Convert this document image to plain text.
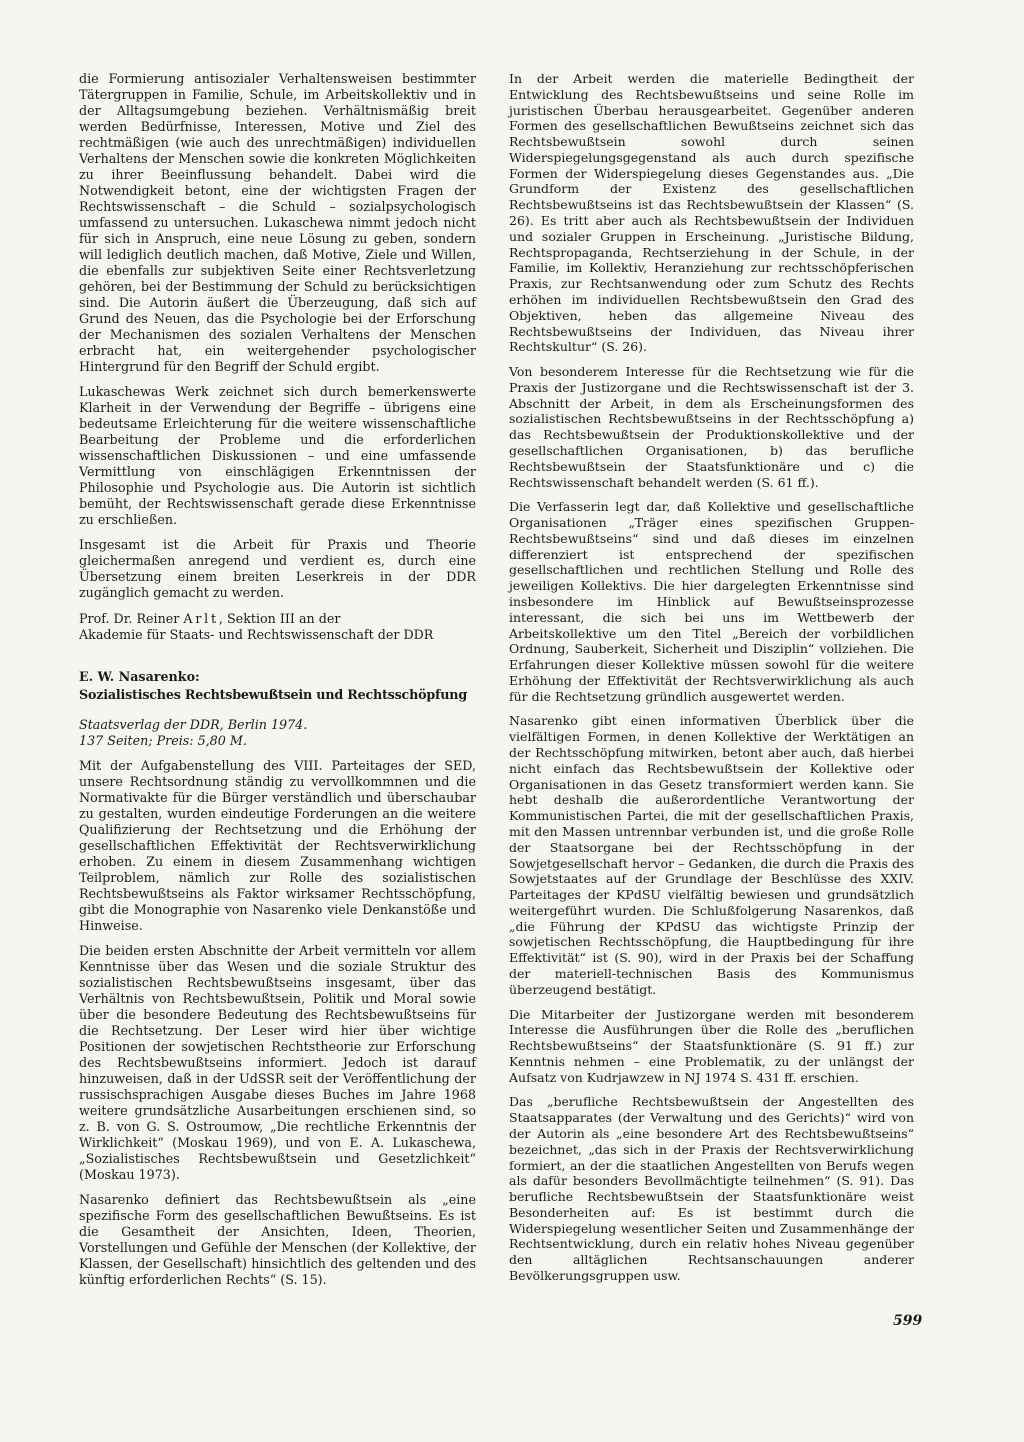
die Formierung antisozialer Verhaltensweisen bestimmter Tätergruppen in Familie, Schule, im Arbeitskollektiv und in der Alltagsumgebung beziehen. Verhältnismäßig breit werden Bedürfnisse, Interessen, Motive und Ziel des rechtmäßigen (wie auch des unrechtmäßigen) individuellen Verhaltens der Menschen sowie die konkreten Möglichkeiten zu ihrer Beeinflussung behandelt. Dabei wird die Notwendigkeit betont, eine der wichtigsten Fragen der Rechtswissenschaft – die Schuld – sozialpsychologisch umfassend zu untersuchen. Lukaschewa nimmt jedoch nicht für sich in Anspruch, eine neue Lösung zu geben, sondern will lediglich deutlich machen, daß Motive, Ziele und Willen, die ebenfalls zur subjektiven Seite einer Rechtsverletzung gehören, bei der Bestimmung der Schuld zu berücksichtigen sind. Die Autorin äußert die Überzeugung, daß sich auf Grund des Neuen, das die Psychologie bei der Erforschung der Mechanismen des sozialen Verhaltens der Menschen erbracht hat, ein weitergehender psychologischer Hintergrund für den Begriff der Schuld ergibt.

Lukaschewas Werk zeichnet sich durch bemerkenswerte Klarheit in der Verwendung der Begriffe – übrigens eine bedeutsame Erleichterung für die weitere wissenschaftliche Bearbeitung der Probleme und die erforderlichen wissenschaftlichen Diskussionen – und eine umfassende Vermittlung von einschlägigen Erkenntnissen der Philosophie und Psychologie aus. Die Autorin ist sichtlich bemüht, der Rechtswissenschaft gerade diese Erkenntnisse zu erschließen.

Insgesamt ist die Arbeit für Praxis und Theorie gleichermaßen anregend und verdient es, durch eine Übersetzung einem breiten Leserkreis in der DDR zugänglich gemacht zu werden.

Prof. Dr. Reiner Arlt, Sektion III an der
Akademie für Staats- und Rechtswissenschaft der DDR

E. W. Nasarenko:
Sozialistisches Rechtsbewußtsein und Rechtsschöpfung

Staatsverlag der DDR, Berlin 1974.
137 Seiten; Preis: 5,80 M.

Mit der Aufgabenstellung des VIII. Parteitages der SED, unsere Rechtsordnung ständig zu vervollkommnen und die Normativakte für die Bürger verständlich und überschaubar zu gestalten, wurden eindeutige Forderungen an die weitere Qualifizierung der Rechtsetzung und die Erhöhung der gesellschaftlichen Effektivität der Rechtsverwirklichung erhoben. Zu einem in diesem Zusammenhang wichtigen Teilproblem, nämlich zur Rolle des sozialistischen Rechtsbewußtseins als Faktor wirksamer Rechtsschöpfung, gibt die Monographie von Nasarenko viele Denkanstöße und Hinweise.

Die beiden ersten Abschnitte der Arbeit vermitteln vor allem Kenntnisse über das Wesen und die soziale Struktur des sozialistischen Rechtsbewußtseins insgesamt, über das Verhältnis von Rechtsbewußtsein, Politik und Moral sowie über die besondere Bedeutung des Rechtsbewußtseins für die Rechtsetzung. Der Leser wird hier über wichtige Positionen der sowjetischen Rechtstheorie zur Erforschung des Rechtsbewußtseins informiert. Jedoch ist darauf hinzuweisen, daß in der UdSSR seit der Veröffentlichung der russischsprachigen Ausgabe dieses Buches im Jahre 1968 weitere grundsätzliche Ausarbeitungen erschienen sind, so z. B. von G. S. Ostroumow, „Die rechtliche Erkenntnis der Wirklichkeit“ (Moskau 1969), und von E. A. Lukaschewa, „Sozialistisches Rechtsbewußtsein und Gesetzlichkeit“ (Moskau 1973).

Nasarenko definiert das Rechtsbewußtsein als „eine spezifische Form des gesellschaftlichen Bewußtseins. Es ist die Gesamtheit der Ansichten, Ideen, Theorien, Vorstellungen und Gefühle der Menschen (der Kollektive, der Klassen, der Gesellschaft) hinsichtlich des geltenden und des künftig erforderlichen Rechts“ (S. 15).

In der Arbeit werden die materielle Bedingtheit der Entwicklung des Rechtsbewußtseins und seine Rolle im juristischen Überbau herausgearbeitet. Gegenüber anderen Formen des gesellschaftlichen Bewußtseins zeichnet sich das Rechtsbewußtsein sowohl durch seinen Widerspiegelungsgegenstand als auch durch spezifische Formen der Widerspiegelung dieses Gegenstandes aus. „Die Grundform der Existenz des gesellschaftlichen Rechtsbewußtseins ist das Rechtsbewußtsein der Klassen“ (S. 26). Es tritt aber auch als Rechtsbewußtsein der Individuen und sozialer Gruppen in Erscheinung. „Juristische Bildung, Rechtspropaganda, Rechtserziehung in der Schule, in der Familie, im Kollektiv, Heranziehung zur rechtsschöpferischen Praxis, zur Rechtsanwendung oder zum Schutz des Rechts erhöhen im individuellen Rechtsbewußtsein den Grad des Objektiven, heben das allgemeine Niveau des Rechtsbewußtseins der Individuen, das Niveau ihrer Rechtskultur“ (S. 26).

Von besonderem Interesse für die Rechtsetzung wie für die Praxis der Justizorgane und die Rechtswissenschaft ist der 3. Abschnitt der Arbeit, in dem als Erscheinungsformen des sozialistischen Rechtsbewußtseins in der Rechtsschöpfung a) das Rechtsbewußtsein der Produktionskollektive und der gesellschaftlichen Organisationen, b) das berufliche Rechtsbewußtsein der Staatsfunktionäre und c) die Rechtswissenschaft behandelt werden (S. 61 ff.).

Die Verfasserin legt dar, daß Kollektive und gesellschaftliche Organisationen „Träger eines spezifischen Gruppen-Rechtsbewußtseins“ sind und daß dieses im einzelnen differenziert ist entsprechend der spezifischen gesellschaftlichen und rechtlichen Stellung und Rolle des jeweiligen Kollektivs. Die hier dargelegten Erkenntnisse sind insbesondere im Hinblick auf Bewußtseinsprozesse interessant, die sich bei uns im Wettbewerb der Arbeitskollektive um den Titel „Bereich der vorbildlichen Ordnung, Sauberkeit, Sicherheit und Disziplin“ vollziehen. Die Erfahrungen dieser Kollektive müssen sowohl für die weitere Erhöhung der Effektivität der Rechtsverwirklichung als auch für die Rechtsetzung gründlich ausgewertet werden.

Nasarenko gibt einen informativen Überblick über die vielfältigen Formen, in denen Kollektive der Werktätigen an der Rechtsschöpfung mitwirken, betont aber auch, daß hierbei nicht einfach das Rechtsbewußtsein der Kollektive oder Organisationen in das Gesetz transformiert werden kann. Sie hebt deshalb die außerordentliche Verantwortung der Kommunistischen Partei, die mit der gesellschaftlichen Praxis, mit den Massen untrennbar verbunden ist, und die große Rolle der Staatsorgane bei der Rechtsschöpfung in der Sowjetgesellschaft hervor – Gedanken, die durch die Praxis des Sowjetstaates auf der Grundlage der Beschlüsse des XXIV. Parteitages der KPdSU vielfältig bewiesen und grundsätzlich weitergeführt wurden. Die Schlußfolgerung Nasarenkos, daß „die Führung der KPdSU das wichtigste Prinzip der sowjetischen Rechtsschöpfung, die Hauptbedingung für ihre Effektivität“ ist (S. 90), wird in der Praxis bei der Schaffung der materiell-technischen Basis des Kommunismus überzeugend bestätigt.

Die Mitarbeiter der Justizorgane werden mit besonderem Interesse die Ausführungen über die Rolle des „beruflichen Rechtsbewußtseins“ der Staatsfunktionäre (S. 91 ff.) zur Kenntnis nehmen – eine Problematik, zu der unlängst der Aufsatz von Kudrjawzew in NJ 1974 S. 431 ff. erschien.

Das „berufliche Rechtsbewußtsein der Angestellten des Staatsapparates (der Verwaltung und des Gerichts)“ wird von der Autorin als „eine besondere Art des Rechtsbewußtseins“ bezeichnet, „das sich in der Praxis der Rechtsverwirklichung formiert, an der die staatlichen Angestellten von Berufs wegen als dafür besonders Bevollmächtigte teilnehmen“ (S. 91). Das berufliche Rechtsbewußtsein der Staatsfunktionäre weist Besonderheiten auf: Es ist bestimmt durch die Widerspiegelung wesentlicher Seiten und Zusammenhänge der Rechtsentwicklung, durch ein relativ hohes Niveau gegenüber den alltäglichen Rechtsanschauungen anderer Bevölkerungsgruppen usw.

599
